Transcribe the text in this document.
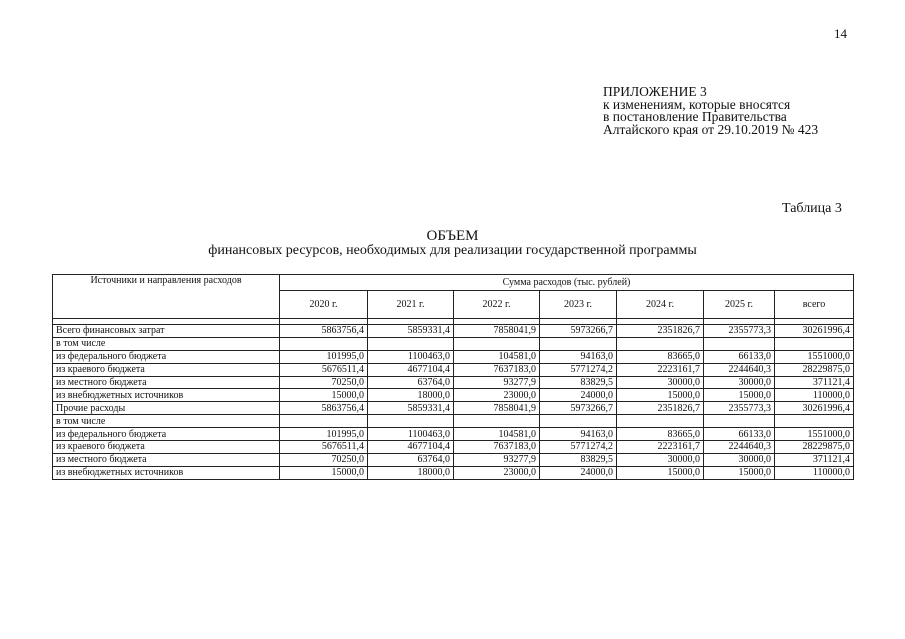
14
ПРИЛОЖЕНИЕ 3
к изменениям, которые вносятся
в постановление Правительства
Алтайского края от 29.10.2019 № 423
Таблица 3
ОБЪЕМ
финансовых ресурсов, необходимых для реализации государственной программы
Источники и направления расходов	Сумма расходов (тыс. рублей)						
	2020 г.	2021 г.	2022 г.	2023 г.	2024 г.	2025 г.	всего

Всего финансовых затрат	5863756,4	5859331,4	7858041,9	5973266,7	2351826,7	2355773,3	30261996,4
в том числе							
из федерального бюджета	101995,0	1100463,0	104581,0	94163,0	83665,0	66133,0	1551000,0
из краевого бюджета	5676511,4	4677104,4	7637183,0	5771274,2	2223161,7	2244640,3	28229875,0
из местного бюджета	70250,0	63764,0	93277,9	83829,5	30000,0	30000,0	371121,4
из внебюджетных источников	15000,0	18000,0	23000,0	24000,0	15000,0	15000,0	110000,0
Прочие расходы	5863756,4	5859331,4	7858041,9	5973266,7	2351826,7	2355773,3	30261996,4
в том числе							
из федерального бюджета	101995,0	1100463,0	104581,0	94163,0	83665,0	66133,0	1551000,0
из краевого бюджета	5676511,4	4677104,4	7637183,0	5771274,2	2223161,7	2244640,3	28229875,0
из местного бюджета	70250,0	63764,0	93277,9	83829,5	30000,0	30000,0	371121,4
из внебюджетных источников	15000,0	18000,0	23000,0	24000,0	15000,0	15000,0	110000,0
